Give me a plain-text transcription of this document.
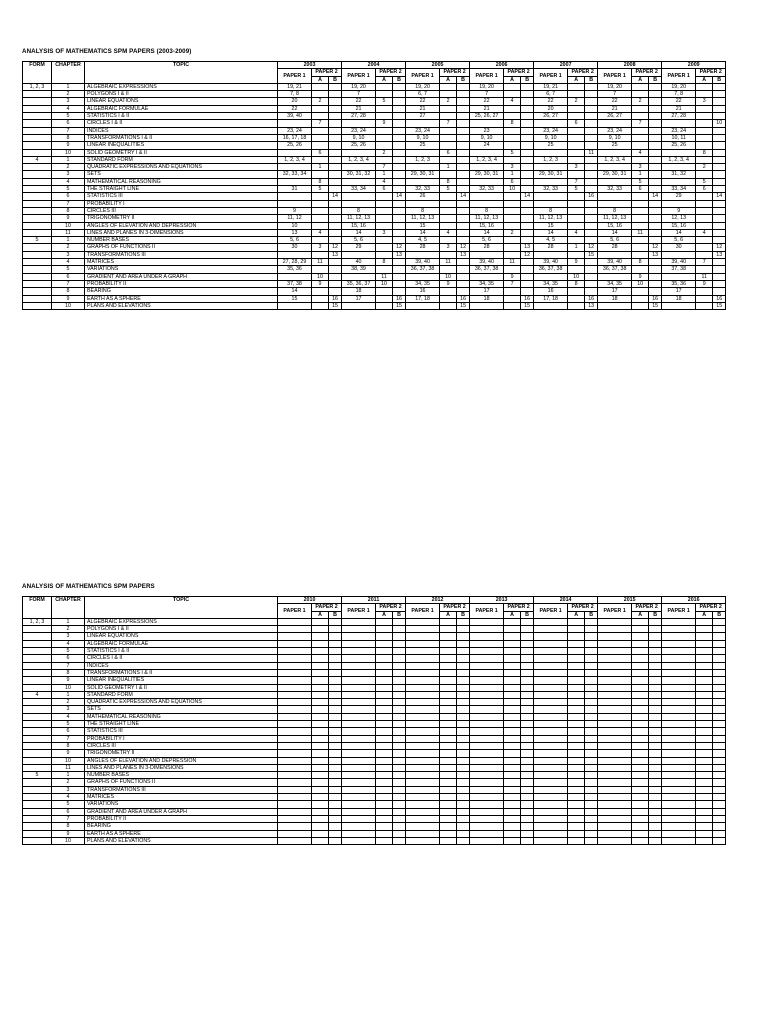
ANALYSIS OF MATHEMATICS SPM PAPERS (2003-2009)
FORM	CHAPTER	TOPIC	2003			2004			2005			2006			2007			2008			2009		
			PAPER 1	PAPER 2		PAPER 1	PAPER 2		PAPER 1	PAPER 2		PAPER 1	PAPER 2		PAPER 1	PAPER 2		PAPER 1	PAPER 2		PAPER 1	PAPER 2	
				A	B		A	B		A	B		A	B		A	B		A	B		A	B
1, 2, 3	1	ALGEBRAIC EXPRESSIONS	19, 21			19, 20			19, 20			19, 20			19, 21			19, 20			19, 20		
	2	POLYGONS I & II	7, 8			7			6, 7			7			6, 7			7			7, 8		
	3	LINEAR EQUATIONS	20	2		22	5		22	2		22	4		22	2		22	2		22	3	
	4	ALGEBRAIC FORMULAE	22			21			21			21			20			21			21		
	5	STATISTICS I & II	39, 40			27, 28			27			25, 26, 27			26, 27			26, 27			27, 28		
	6	CIRCLES I & II		7			9			7			8			6			7				10
	7	INDICES	23, 24			23, 24			23, 24			23			23, 24			23, 24			23, 24		
	8	TRANSFORMATIONS I & II	16, 17, 18			9, 10			9, 10			9, 10			9, 10			9, 10			10, 11		
	9	LINEAR INEQUALITIES	25, 26			25, 26			25			24			25			25			25, 26		
	10	SOLID GEOMETRY I & II		6			2			6			5				11		4			8	
4	1	STANDARD FORM	1, 2, 3, 4			1, 2, 3, 4			1, 2, 3			1, 2, 3, 4			1, 2, 3			1, 2, 3, 4			1, 2, 3, 4		
	2	QUADRATIC EXPRESSIONS AND EQUATIONS		1			7			1			3			3			3			2	
	3	SETS	32, 33, 34			30, 31, 32	1		29, 30, 31			29, 30, 31	1		29, 30, 31			29, 30, 31	1		31, 32		
	4	MATHEMATICAL REASONING		8			4			8			6			7			5			5	
	5	THE STRAIGHT LINE	31	5		33, 34	6		32, 33	5		32, 33	10		32, 33	5		32, 33	6		33, 34	6	
	6	STATISTICS III			14			14	26		14			14			16			14	29		14
	7	PROBABILITY I																					
	8	CIRCLES III	9			8			8			8			8			8			9		
	9	TRIGONOMETRY II	11, 12			11, 12, 13			11, 12, 13			11, 12, 13			11, 12, 13			11, 12, 13			12, 13		
	10	ANGLES OF ELEVATION AND DEPRESSION	10			15, 16			15			15, 16			15			15, 16			15, 16		
	11	LINES AND PLANES IN 3-DIMENSIONS	13	4		14	3		14	4		14	2		14	4		14	11		14	4	
5	1	NUMBER BASES	5, 6			5, 6			4, 5			5, 6			4, 5			5, 6			5, 6		
	2	GRAPHS OF FUNCTIONS II	30	3	12	29		12	28	3	12	28		13	28	1	12	28		12	30		12
	3	TRANSFORMATIONS III			13			13			13			12			15			13			13
	4	MATRICES	27, 28, 29	11		40	8		39, 40	11		39, 40	11		39, 40	9		39, 40	8		39, 40	7	
	5	VARIATIONS	35, 36			38, 39			36, 37, 38			36, 37, 38			36, 37, 38			36, 37, 38			37, 38		
	6	GRADIENT AND AREA UNDER A GRAPH		10			11			10			9			10			9			11	
	7	PROBABILITY II	37, 38	9		35, 36, 37	10		34, 35	9		34, 35	7		34, 35	8		34, 35	10		35, 36	9	
	8	BEARING	14			18			16			17			16			17			17		
	9	EARTH AS A SPHERE	15		16	17		16	17, 18		16	18		16	17, 18		16	18		16	18		16
	10	PLANS AND ELEVATIONS			15			15			15			15			13			15			15
ANALYSIS OF MATHEMATICS SPM PAPERS
FORM	CHAPTER	TOPIC	2010			2011			2012			2013			2014			2015			2016		
			PAPER 1	PAPER 2		PAPER 1	PAPER 2		PAPER 1	PAPER 2		PAPER 1	PAPER 2		PAPER 1	PAPER 2		PAPER 1	PAPER 2		PAPER 1	PAPER 2	
				A	B		A	B		A	B		A	B		A	B		A	B		A	B
1, 2, 3	1	ALGEBRAIC EXPRESSIONS																					
	2	POLYGONS I & II																					
	3	LINEAR EQUATIONS																					
	4	ALGEBRAIC FORMULAE																					
	5	STATISTICS I & II																					
	6	CIRCLES I & II																					
	7	INDICES																					
	8	TRANSFORMATIONS I & II																					
	9	LINEAR INEQUALITIES																					
	10	SOLID GEOMETRY I & II																					
4	1	STANDARD FORM																					
	2	QUADRATIC EXPRESSIONS AND EQUATIONS																					
	3	SETS																					
	4	MATHEMATICAL REASONING																					
	5	THE STRAIGHT LINE																					
	6	STATISTICS III																					
	7	PROBABILITY I																					
	8	CIRCLES III																					
	9	TRIGONOMETRY II																					
	10	ANGLES OF ELEVATION AND DEPRESSION																					
	11	LINES AND PLANES IN 3-DIMENSIONS																					
5	1	NUMBER BASES																					
	2	GRAPHS OF FUNCTIONS II																					
	3	TRANSFORMATIONS III																					
	4	MATRICES																					
	5	VARIATIONS																					
	6	GRADIENT AND AREA UNDER A GRAPH																					
	7	PROBABILITY II																					
	8	BEARING																					
	9	EARTH AS A SPHERE																					
	10	PLANS AND ELEVATIONS																					
